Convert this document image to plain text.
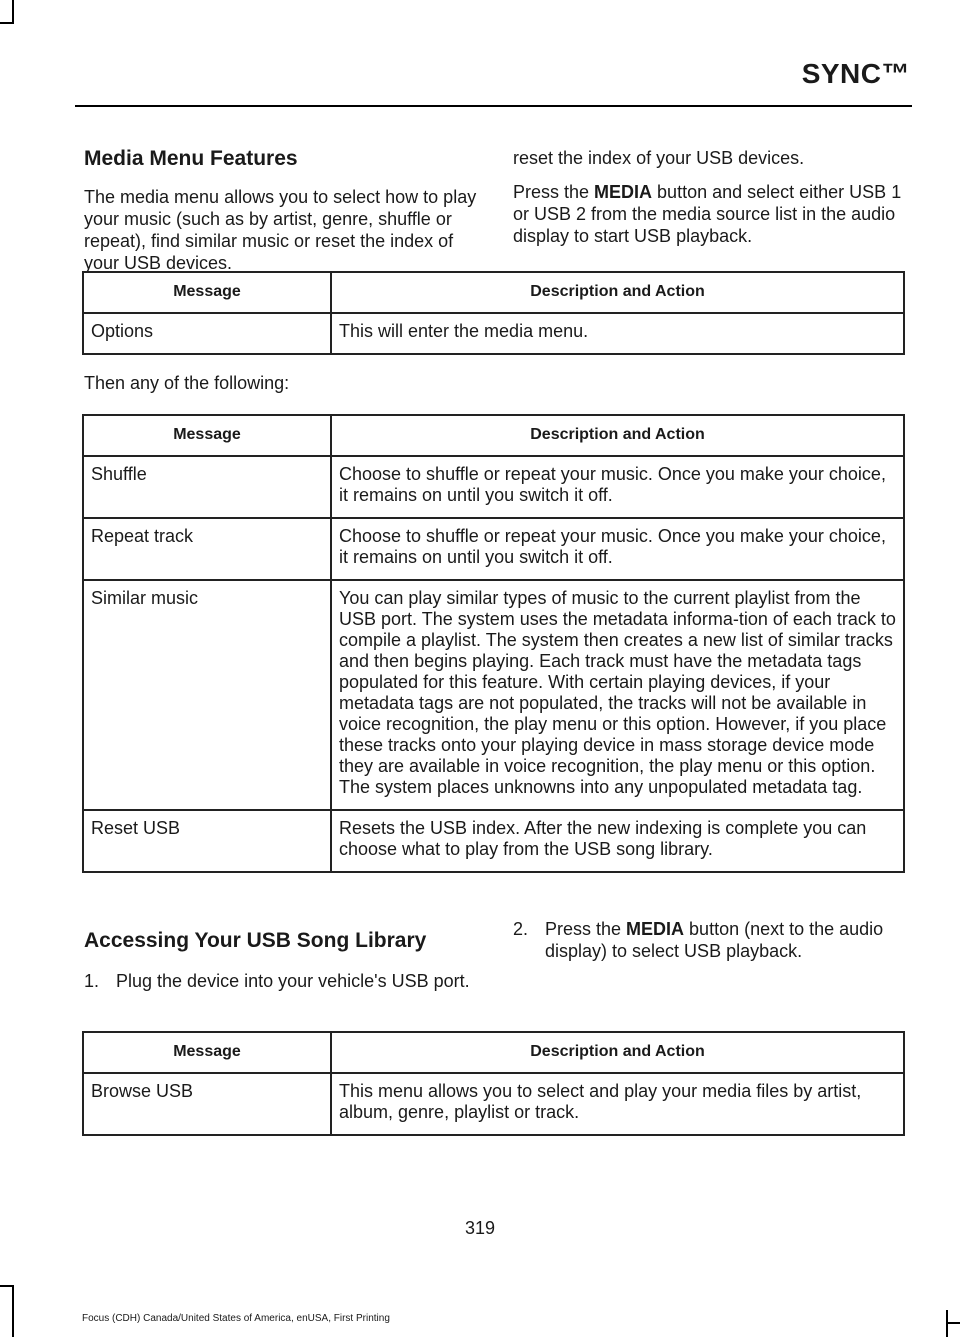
SYNC™
Media Menu Features

The media menu allows you to select how to play your music (such as by artist, genre, shuffle or repeat), find similar music or reset the index of your USB devices.

reset the index of your USB devices.

Press the MEDIA button and select either USB 1 or USB 2 from the media source list in the audio display to start USB playback.

Message	Description and Action
Options	This will enter the media menu.
Then any of the following:
Message	Description and Action
Shuffle	Choose to shuffle or repeat your music. Once you make your choice, it remains on until you switch it off.
Repeat track	Choose to shuffle or repeat your music. Once you make your choice, it remains on until you switch it off.
Similar music	You can play similar types of music to the current playlist from the USB port. The system uses the metadata informa-tion of each track to compile a playlist. The system then creates a new list of similar tracks and then begins playing. Each track must have the metadata tags populated for this feature. With certain playing devices, if your metadata tags are not populated, the tracks will not be available in voice recognition, the play menu or this option. However, if you place these tracks onto your playing device in mass storage device mode they are available in voice recognition, the play menu or this option. The system places unknowns into any unpopulated metadata tag.
Reset USB	Resets the USB index. After the new indexing is complete you can choose what to play from the USB song library.
Accessing Your USB Song Library
1. Plug the device into your vehicle's USB port.
2. Press the MEDIA button (next to the audio display) to select USB playback.
Message	Description and Action
Browse USB	This menu allows you to select and play your media files by artist, album, genre, playlist or track.
319
Focus (CDH) Canada/United States of America, enUSA, First Printing
